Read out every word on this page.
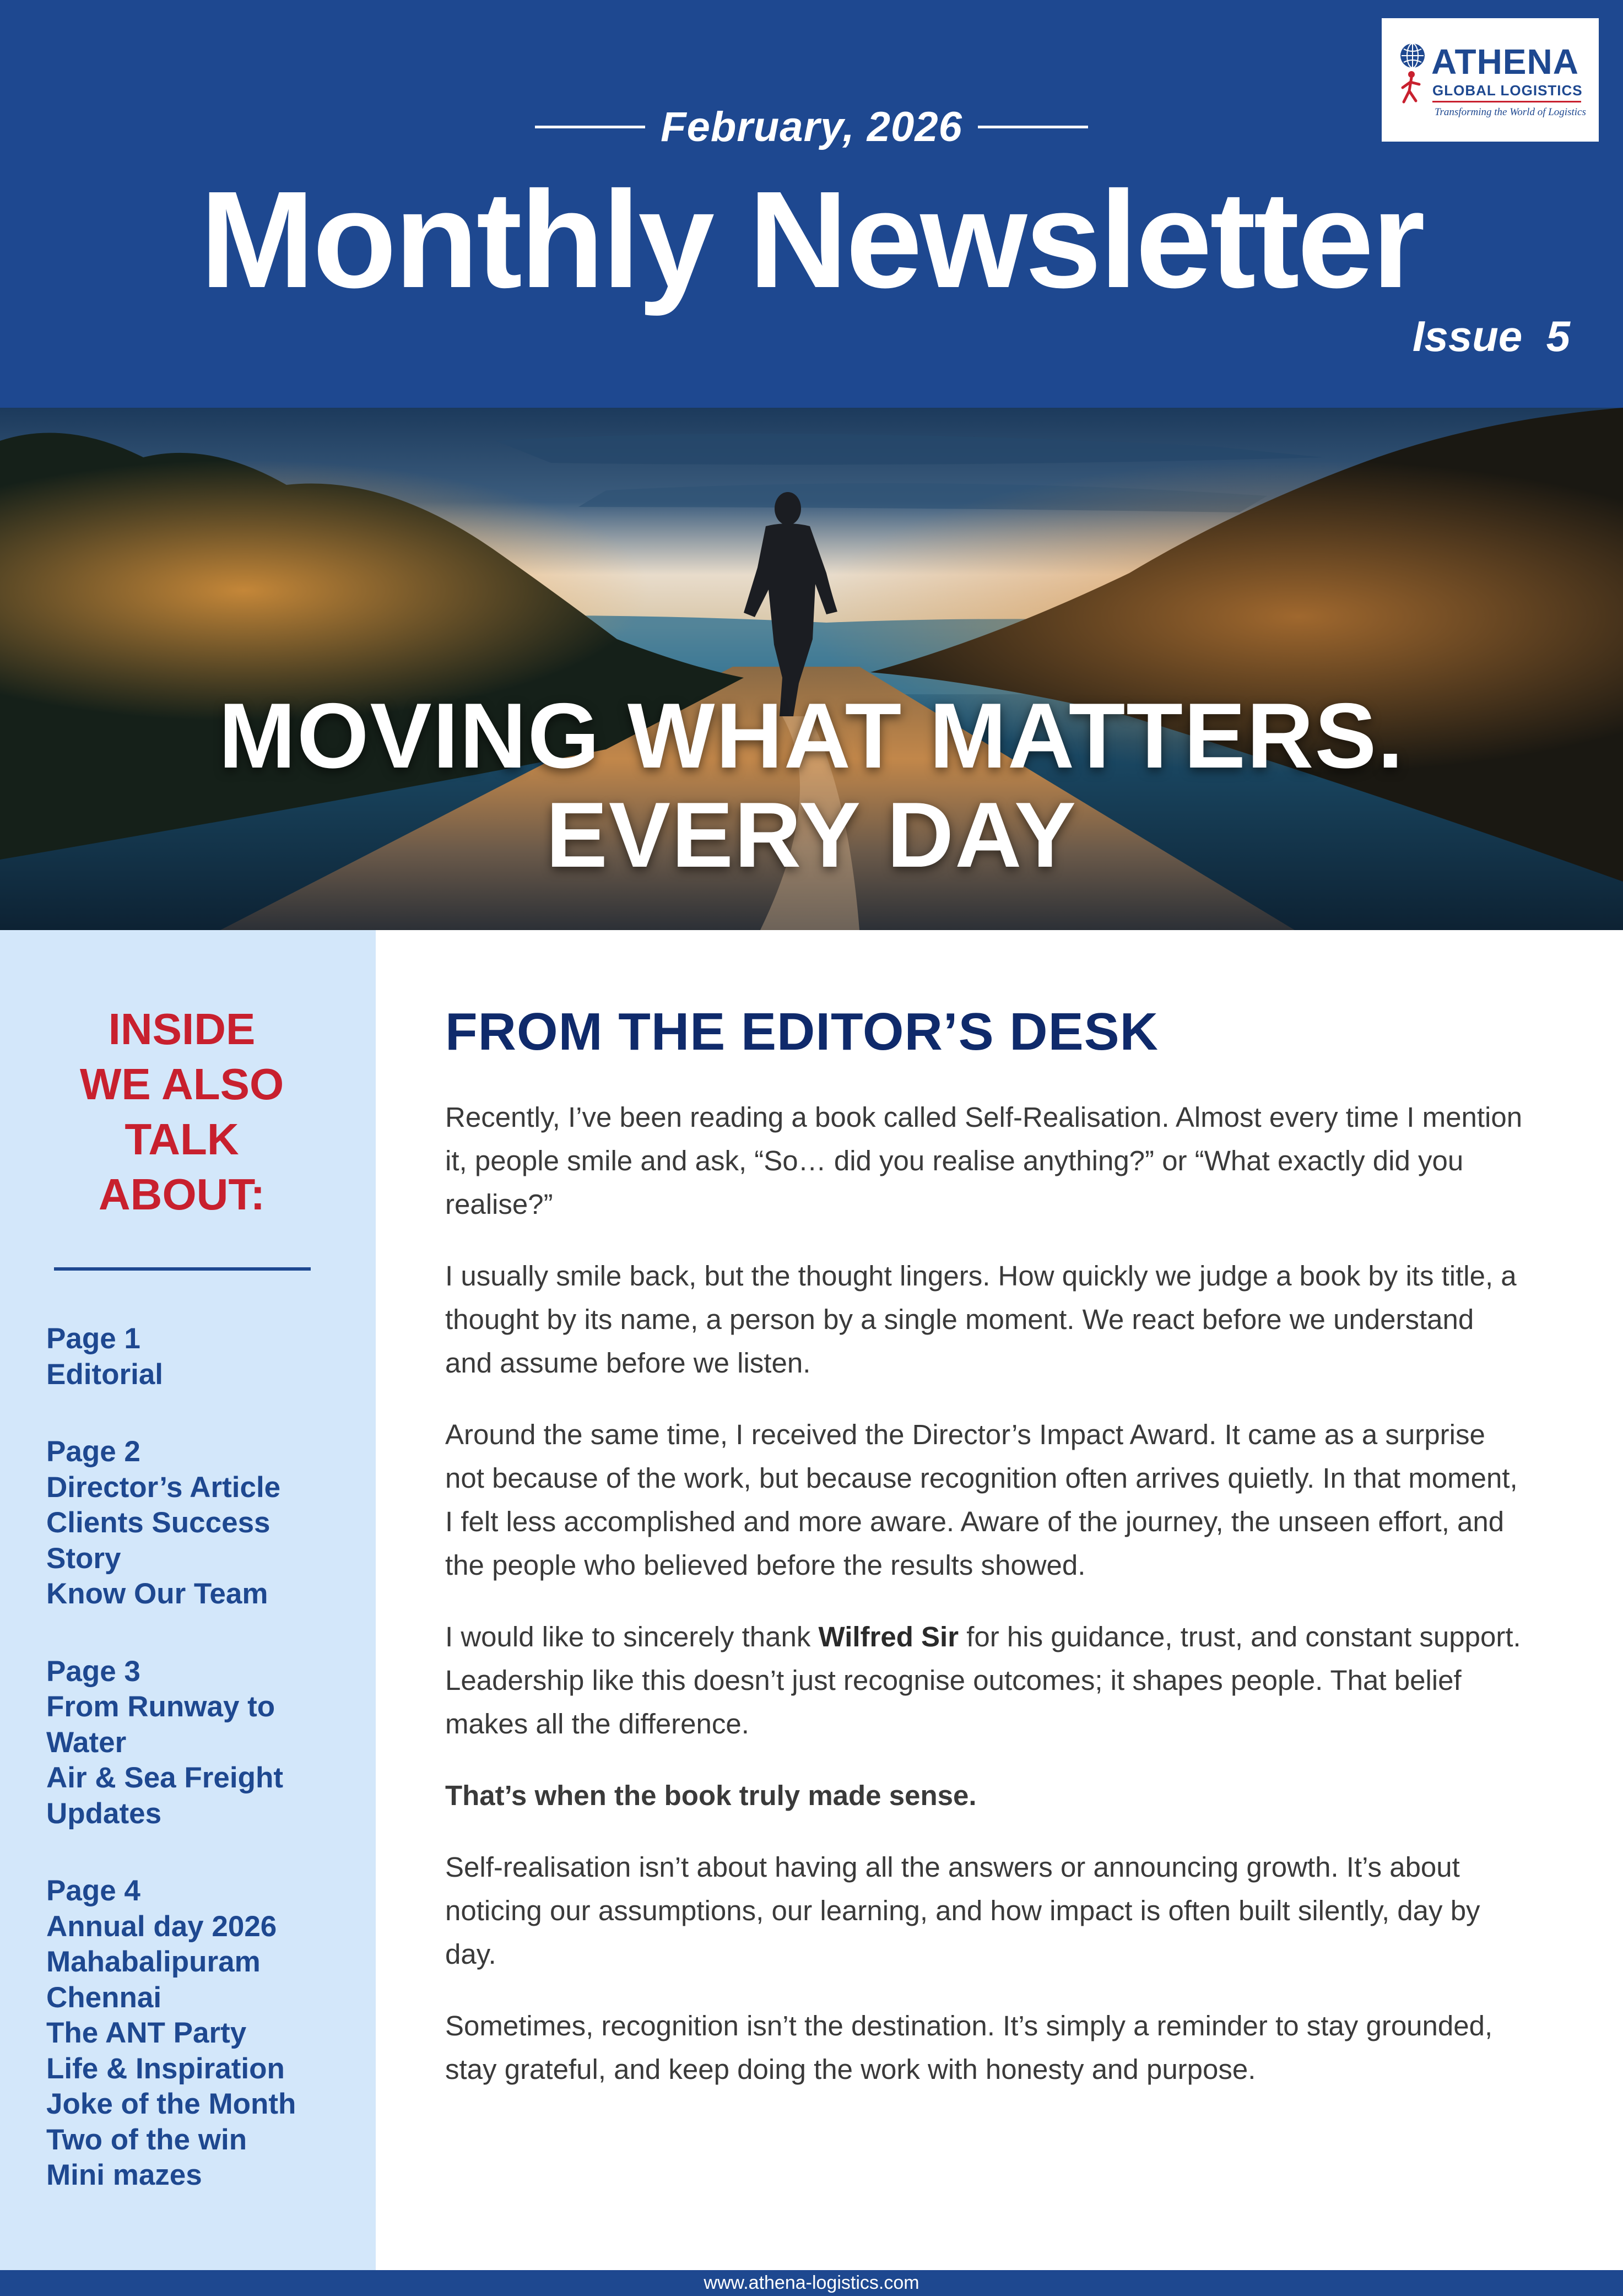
February, 2026
Monthly Newsletter
Issue  5
ATHENA
GLOBAL LOGISTICS
Transforming the World of Logistics
MOVING WHAT MATTERS.
EVERY DAY
INSIDE
WE ALSO
TALK
ABOUT:
Page 1
Editorial
Page 2
Director’s Article
Clients Success
Story
Know Our Team
Page 3
From Runway to
Water
Air & Sea Freight
Updates
Page 4
Annual day 2026
Mahabalipuram
Chennai
The ANT Party
Life & Inspiration
Joke of the Month
Two of the win
Mini mazes
FROM THE EDITOR’S DESK

Recently, I’ve been reading a book called Self-Realisation. Almost every time I mention it, people smile and ask, “So… did you realise anything?” or “What exactly did you realise?”

I usually smile back, but the thought lingers. How quickly we judge a book by its title, a thought by its name, a person by a single moment. We react before we understand and assume before we listen.

Around the same time, I received the Director’s Impact Award. It came as a surprise not because of the work, but because recognition often arrives quietly. In that moment, I felt less accomplished and more aware. Aware of the journey, the unseen effort, and the people who believed before the results showed.

I would like to sincerely thank Wilfred Sir for his guidance, trust, and constant support. Leadership like this doesn’t just recognise outcomes; it shapes people. That belief makes all the difference.

That’s when the book truly made sense.

Self-realisation isn’t about having all the answers or announcing growth. It’s about noticing our assumptions, our learning, and how impact is often built silently, day by day.

Sometimes, recognition isn’t the destination. It’s simply a reminder to stay grounded, stay grateful, and keep doing the work with honesty and purpose.

www.athena-logistics.com
